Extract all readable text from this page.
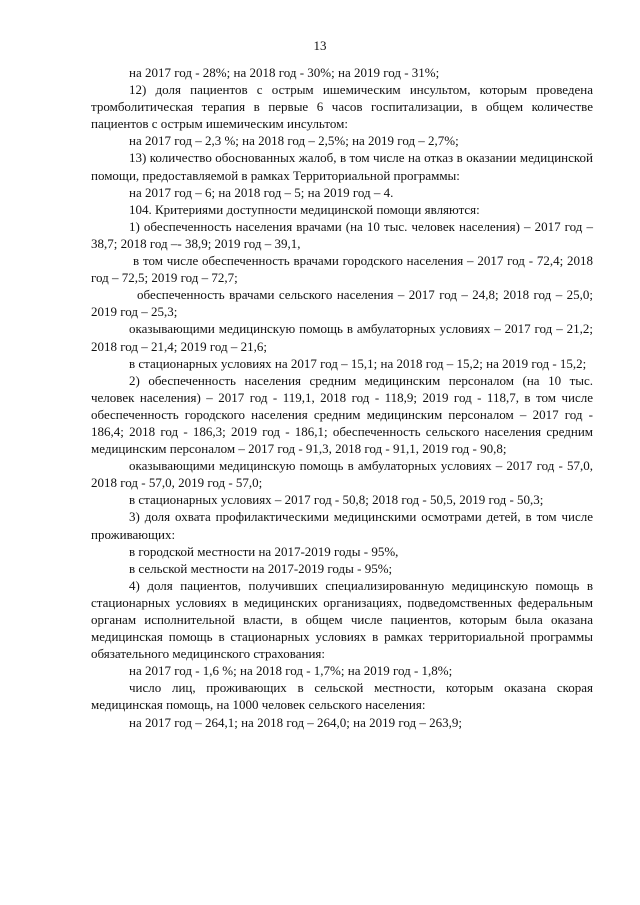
13

на 2017 год - 28%; на 2018 год - 30%; на 2019 год - 31%;

12) доля пациентов с острым ишемическим инсультом, которым проведена тромболитическая терапия в первые 6 часов госпитализации, в общем количестве пациентов с острым ишемическим инсультом:

на 2017 год – 2,3 %; на 2018 год – 2,5%; на 2019 год – 2,7%;

13) количество обоснованных жалоб, в том числе на отказ в оказании медицинской помощи, предоставляемой в рамках Территориальной программы:

на 2017 год – 6; на 2018 год – 5; на 2019 год – 4.

104. Критериями доступности медицинской помощи являются:

1) обеспеченность населения врачами (на 10 тыс. человек населения) – 2017 год – 38,7; 2018 год –- 38,9; 2019 год – 39,1,

в том числе обеспеченность врачами городского населения – 2017 год - 72,4; 2018 год – 72,5; 2019 год – 72,7;

обеспеченность врачами сельского населения – 2017 год – 24,8; 2018 год – 25,0; 2019 год – 25,3;

оказывающими медицинскую помощь в амбулаторных условиях – 2017 год – 21,2; 2018 год – 21,4; 2019 год – 21,6;

в стационарных условиях на 2017 год – 15,1; на 2018 год – 15,2; на 2019 год - 15,2;

2) обеспеченность населения средним медицинским персоналом (на 10 тыс. человек населения) – 2017 год - 119,1, 2018 год - 118,9; 2019 год - 118,7, в том числе обеспеченность городского населения средним медицинским персоналом – 2017 год - 186,4; 2018 год - 186,3; 2019 год - 186,1; обеспеченность сельского населения средним медицинским персоналом – 2017 год - 91,3, 2018 год - 91,1, 2019 год - 90,8;

оказывающими медицинскую помощь в амбулаторных условиях – 2017 год - 57,0, 2018 год - 57,0, 2019 год - 57,0;

в стационарных условиях – 2017 год - 50,8; 2018 год - 50,5, 2019 год - 50,3;

3) доля охвата профилактическими медицинскими осмотрами детей, в том числе проживающих:

в городской местности на 2017-2019 годы - 95%,

в сельской местности на 2017-2019 годы - 95%;

4) доля пациентов, получивших специализированную медицинскую помощь в стационарных условиях в медицинских организациях, подведомственных федеральным органам исполнительной власти, в общем числе пациентов, которым была оказана медицинская помощь в стационарных условиях в рамках территориальной программы обязательного медицинского страхования:

на 2017 год - 1,6 %; на 2018 год - 1,7%; на 2019 год - 1,8%;

число лиц, проживающих в сельской местности, которым оказана скорая медицинская помощь, на 1000 человек сельского населения:

на 2017 год – 264,1; на 2018 год – 264,0; на 2019 год – 263,9;
